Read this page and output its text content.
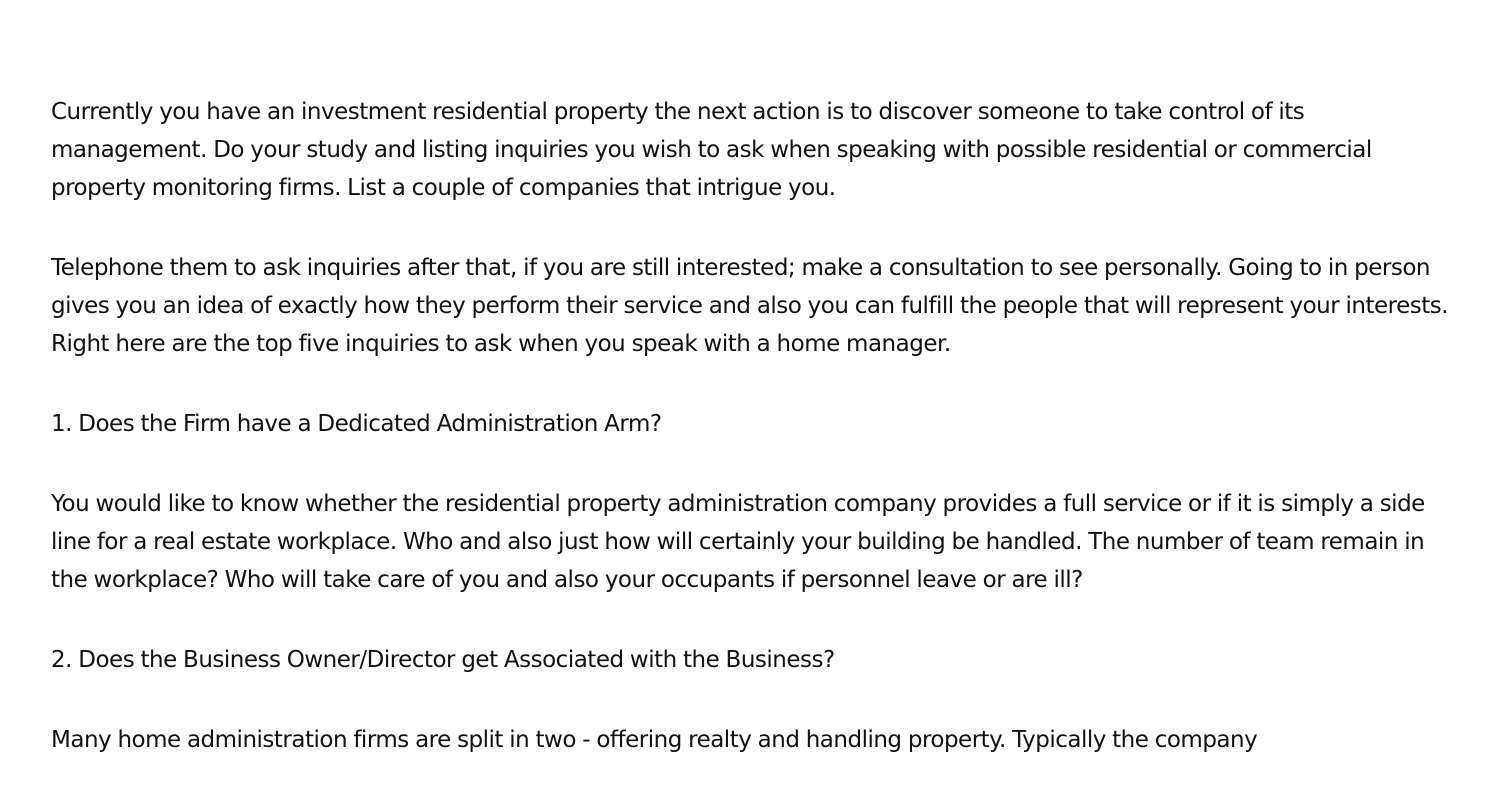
Currently you have an investment residential property the next action is to discover someone to take control of its management. Do your study and listing inquiries you wish to ask when speaking with possible residential or commercial property monitoring firms. List a couple of companies that intrigue you.

Telephone them to ask inquiries after that, if you are still interested; make a consultation to see personally. Going to in person gives you an idea of exactly how they perform their service and also you can fulfill the people that will represent your interests. Right here are the top five inquiries to ask when you speak with a home manager.

1. Does the Firm have a Dedicated Administration Arm?

You would like to know whether the residential property administration company provides a full service or if it is simply a side line for a real estate workplace. Who and also just how will certainly your building be handled. The number of team remain in the workplace? Who will take care of you and also your occupants if personnel leave or are ill?

2. Does the Business Owner/Director get Associated with the Business?

Many home administration firms are split in two - offering realty and handling property. Typically the company
